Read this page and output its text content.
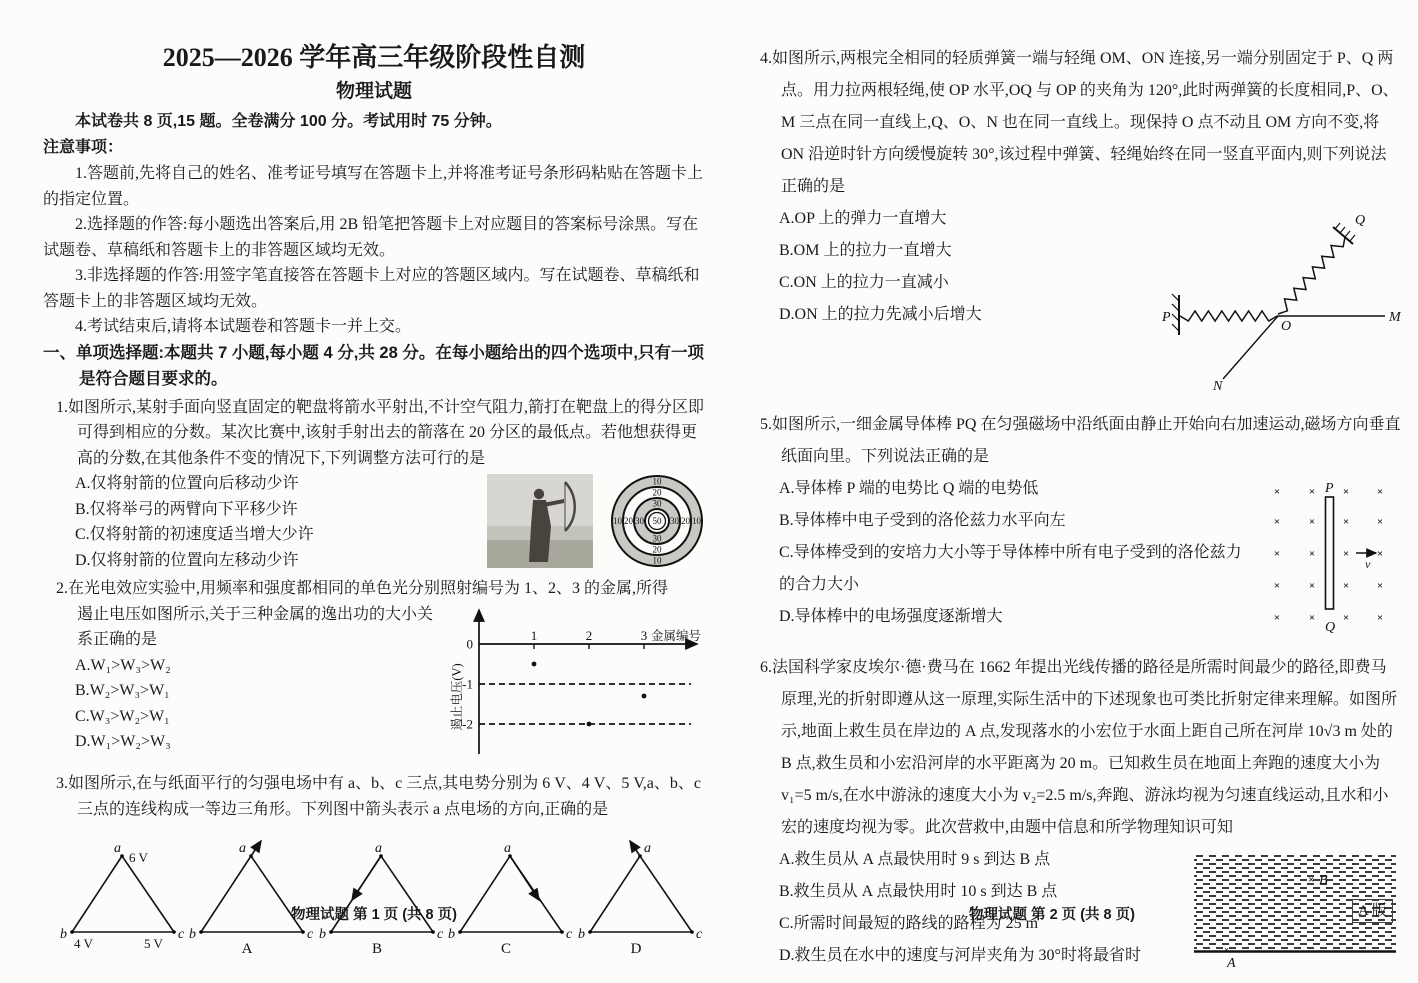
2025—2026 学年高三年级阶段性自测

物理试题

本试卷共 8 页,15 题。全卷满分 100 分。考试用时 75 分钟。

注意事项：

1.答题前,先将自己的姓名、准考证号填写在答题卡上,并将准考证号条形码粘贴在答题卡上的指定位置。

2.选择题的作答:每小题选出答案后,用 2B 铅笔把答题卡上对应题目的答案标号涂黑。写在试题卷、草稿纸和答题卡上的非答题区域均无效。

3.非选择题的作答:用签字笔直接答在答题卡上对应的答题区域内。写在试题卷、草稿纸和答题卡上的非答题区域均无效。

4.考试结束后,请将本试题卷和答题卡一并上交。

一、单项选择题:本题共 7 小题,每小题 4 分,共 28 分。在每小题给出的四个选项中,只有一项是符合题目要求的。

1.如图所示,某射手面向竖直固定的靶盘将箭水平射出,不计空气阻力,箭打在靶盘上的得分区即可得到相应的分数。某次比赛中,该射手射出去的箭落在 20 分区的最低点。若他想获得更高的分数,在其他条件不变的情况下,下列调整方法可行的是

10
20
30
50
30
20
10
10 20 30	30 20 10

A.仅将射箭的位置向后移动少许

B.仅将举弓的两臂向下平移少许

C.仅将射箭的初速度适当增大少许

D.仅将射箭的位置向左移动少许

2.在光电效应实验中,用频率和强度都相同的单色光分别照射编号为 1、2、3 的金属,所得

0
-1
-2
1	2	3 金属编号
遏止电压(V)

遏止电压如图所示,关于三种金属的逸出功的大小关系正确的是

A.W₁>W₃>W₂

B.W₂>W₃>W₁

C.W₃>W₂>W₁

D.W₁>W₂>W₃

3.如图所示,在与纸面平行的匀强电场中有 a、b、c 三点,其电势分别为 6 V、4 V、5 V,a、b、c 三点的连线构成一等边三角形。下列图中箭头表示 a 点电场的方向,正确的是

a
b	c
6 V
4 V	5 V
a
b	c
A
a
b	c
B
a
b	c
C
a
b	c
D

4.如图所示,两根完全相同的轻质弹簧一端与轻绳 OM、ON 连接,另一端分别固定于 P、Q 两点。用力拉两根轻绳,使 OP 水平,OQ 与 OP 的夹角为 120°,此时两弹簧的长度相同,P、O、M 三点在同一直线上,Q、O、N 也在同一直线上。现保持 O 点不动且 OM 方向不变,将 ON 沿逆时针方向缓慢旋转 30°,该过程中弹簧、轻绳始终在同一竖直平面内,则下列说法正确的是

P
O
M
N
Q

A.OP 上的弹力一直增大

B.OM 上的拉力一直增大

C.ON 上的拉力一直减小

D.ON 上的拉力先减小后增大

5.如图所示,一细金属导体棒 PQ 在匀强磁场中沿纸面由静止开始向右加速运动,磁场方向垂直纸面向里。下列说法正确的是

×	×	×	×
×	×	×	×
×	×	×	×
×	×	×	×
×	×	×	×
v
P
Q

A.导体棒 P 端的电势比 Q 端的电势低

B.导体棒中电子受到的洛伦兹力水平向左

C.导体棒受到的安培力大小等于导体棒中所有电子受到的洛伦兹力的合力大小

D.导体棒中的电场强度逐渐增大

6.法国科学家皮埃尔·德·费马在 1662 年提出光线传播的路径是所需时间最少的路径,即费马原理,光的折射即遵从这一原理,实际生活中的下述现象也可类比折射定律来理解。如图所示,地面上救生员在岸边的 A 点,发现落水的小宏位于水面上距自己所在河岸 10√3 m 处的 B 点,救生员和小宏沿河岸的水平距离为 20 m。已知救生员在地面上奔跑的速度大小为 v₁=5 m/s,在水中游泳的速度大小为 v₂=2.5 m/s,奔跑、游泳均视为匀速直线运动,且水和小宏的速度均视为零。此次营救中,由题中信息和所学物理知识可知

× B
×
A

A.救生员从 A 点最快用时 9 s 到达 B 点

B.救生员从 A 点最快用时 10 s 到达 B 点

C.所需时间最短的路线的路程为 25 m

D.救生员在水中的速度与河岸夹角为 30°时将最省时

物理试题 第 1 页 (共 8 页)	物理试题 第 2 页 (共 8 页)	A 版
